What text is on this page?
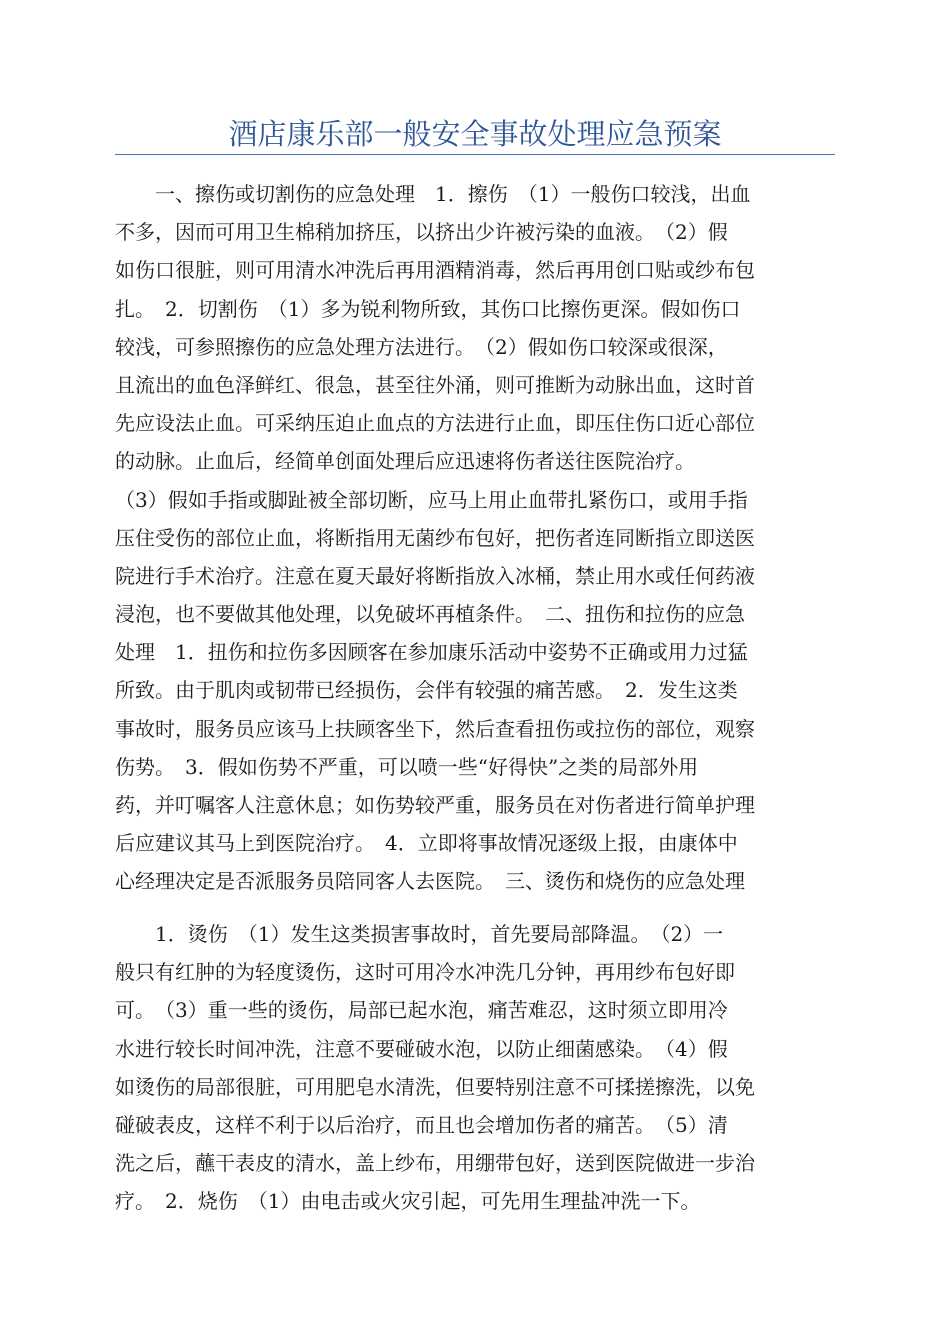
酒店康乐部一般安全事故处理应急预案
　　一、擦伤或切割伤的应急处理　1．擦伤　（1）一般伤口较浅，出血
不多，因而可用卫生棉稍加挤压，以挤出少许被污染的血液。　（2）假
如伤口很脏，则可用清水冲洗后再用酒精消毒，然后再用创口贴或纱布包
扎。　2．切割伤　（1）多为锐利物所致，其伤口比擦伤更深。假如伤口
较浅，可参照擦伤的应急处理方法进行。　（2）假如伤口较深或很深，
且流出的血色泽鲜红、很急，甚至往外涌，则可推断为动脉出血，这时首
先应设法止血。可采纳压迫止血点的方法进行止血，即压住伤口近心部位
的动脉。止血后，经简单创面处理后应迅速将伤者送往医院治疗。
（3）假如手指或脚趾被全部切断，应马上用止血带扎紧伤口，或用手指
压住受伤的部位止血，将断指用无菌纱布包好，把伤者连同断指立即送医
院进行手术治疗。注意在夏天最好将断指放入冰桶，禁止用水或任何药液
浸泡，也不要做其他处理，以免破坏再植条件。　二、扭伤和拉伤的应急
处理　1．扭伤和拉伤多因顾客在参加康乐活动中姿势不正确或用力过猛
所致。由于肌肉或韧带已经损伤，会伴有较强的痛苦感。　2．发生这类
事故时，服务员应该马上扶顾客坐下，然后查看扭伤或拉伤的部位，观察
伤势。　3．假如伤势不严重，可以喷一些“好得快”之类的局部外用
药，并叮嘱客人注意休息；如伤势较严重，服务员在对伤者进行简单护理
后应建议其马上到医院治疗。　4．立即将事故情况逐级上报，由康体中
心经理决定是否派服务员陪同客人去医院。　三、烫伤和烧伤的应急处理
　　1．烫伤　（1）发生这类损害事故时，首先要局部降温。　（2）一
般只有红肿的为轻度烫伤，这时可用冷水冲洗几分钟，再用纱布包好即
可。　（3）重一些的烫伤，局部已起水泡，痛苦难忍，这时须立即用冷
水进行较长时间冲洗，注意不要碰破水泡，以防止细菌感染。　（4）假
如烫伤的局部很脏，可用肥皂水清洗，但要特别注意不可揉搓擦洗，以免
碰破表皮，这样不利于以后治疗，而且也会增加伤者的痛苦。　（5）清
洗之后，蘸干表皮的清水，盖上纱布，用绷带包好，送到医院做进一步治
疗。　2．烧伤　（1）由电击或火灾引起，可先用生理盐冲洗一下。
